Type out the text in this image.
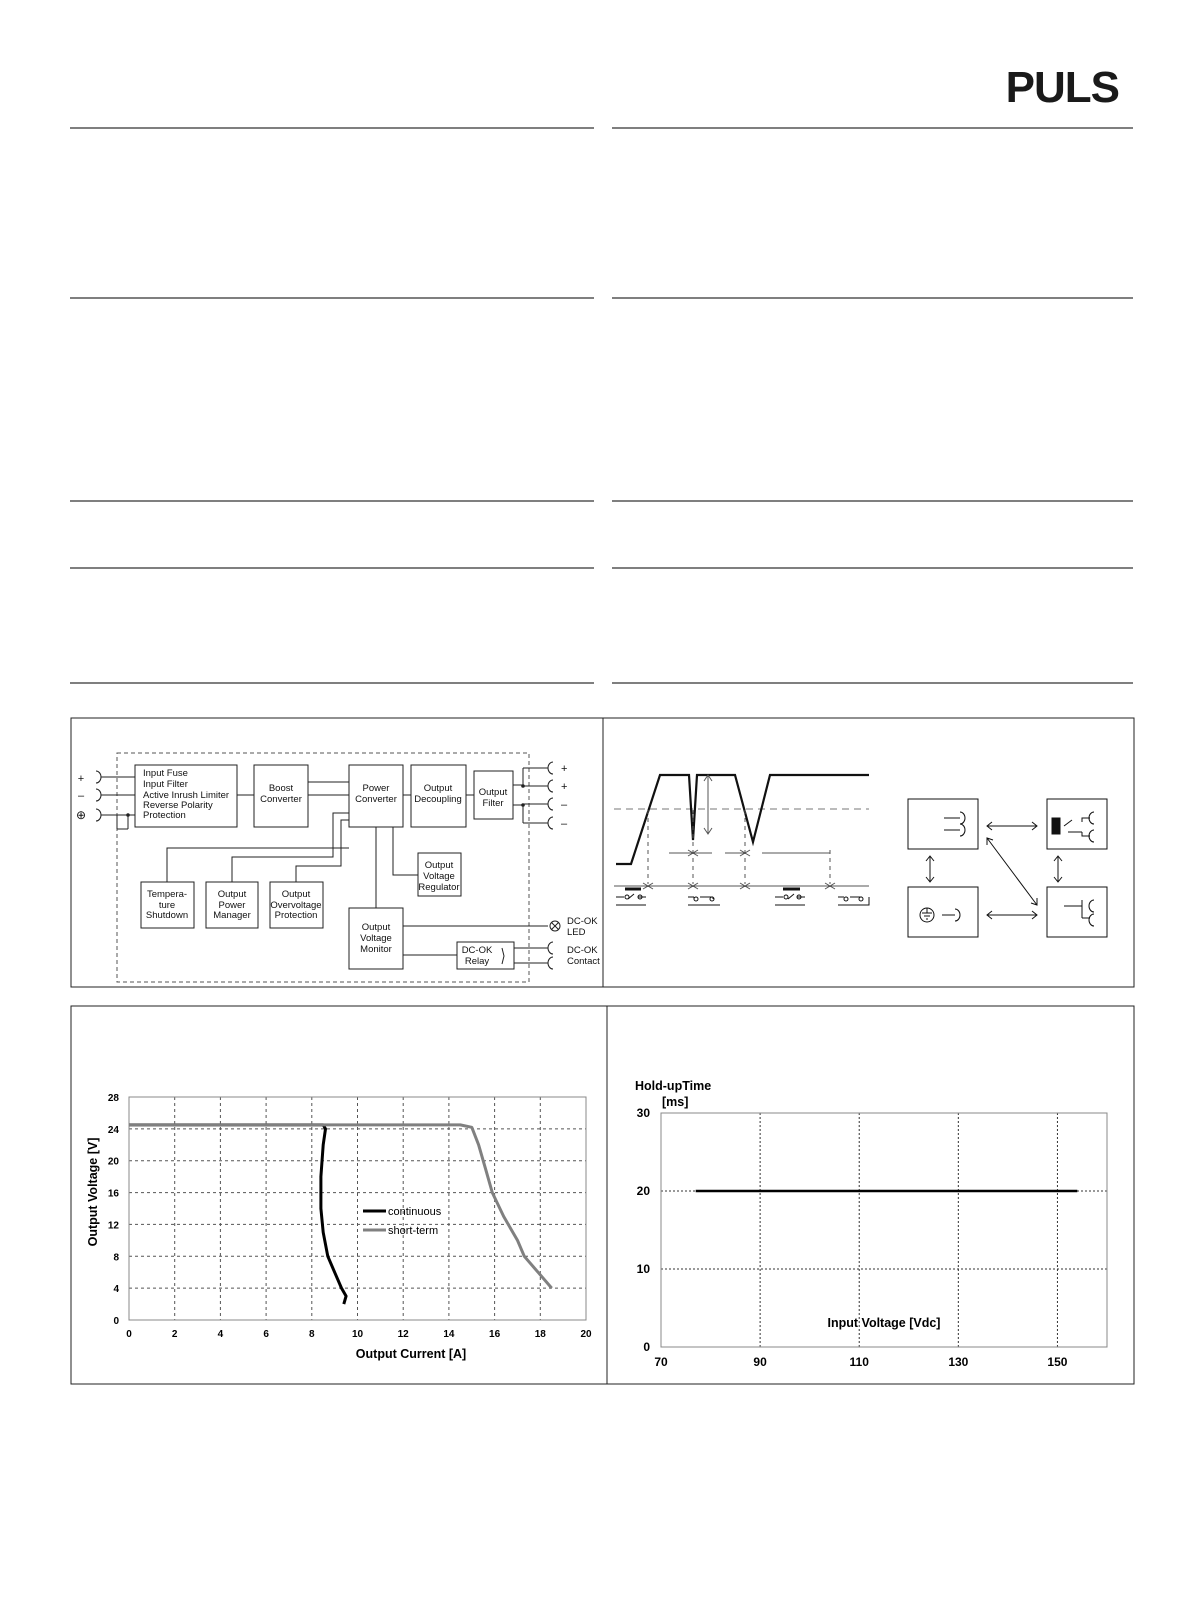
PULS
+
–
⊕
Input Fuse
Input Filter
Active Inrush Limiter
Reverse Polarity
Protection
Boost
Converter
Power
Converter
Output
Decoupling
Output
Filter
Output
Voltage
Regulator
Tempera-
ture
Shutdown
Output
Power
Manager
Output
Overvoltage
Protection
Output
Voltage
Monitor	DC-OK
Relay
+
+
–
–
DC-OK
LED
DC-OK
Contact
0	2	4	6	8	10	12	14	16	18	20
0
4
8
12
16
20
24
28
continuous
short-term
Output Current [A]
Output Voltage [V]
70	90	110	130	150
0
10
20
30
Hold-upTime
[ms]
Input Voltage [Vdc]
